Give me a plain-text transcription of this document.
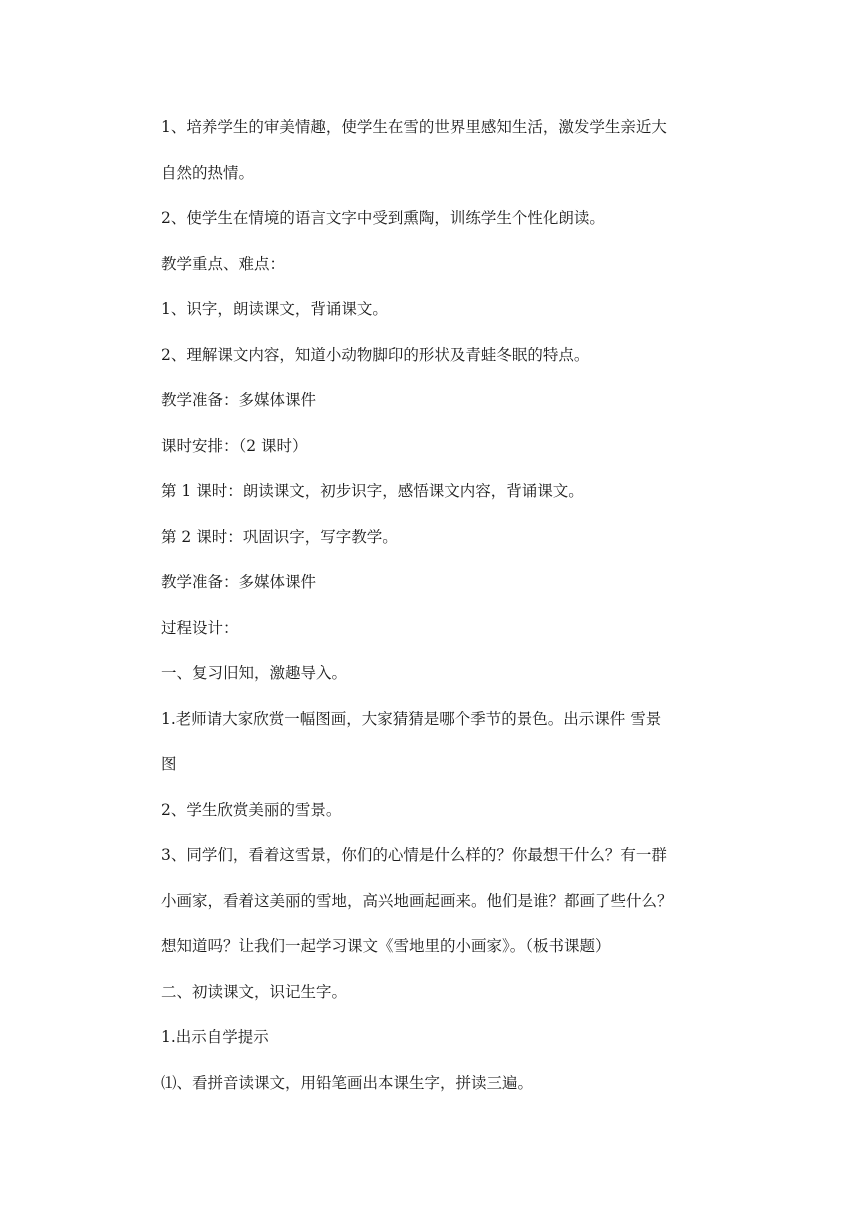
1、培养学生的审美情趣，使学生在雪的世界里感知生活，激发学生亲近大

自然的热情。

2、使学生在情境的语言文字中受到熏陶，训练学生个性化朗读。

教学重点、难点：

1、识字，朗读课文，背诵课文。

2、理解课文内容，知道小动物脚印的形状及青蛙冬眠的特点。

教学准备：多媒体课件

课时安排：（2 课时）

第 1 课时：朗读课文，初步识字，感悟课文内容，背诵课文。

第 2 课时：巩固识字，写字教学。

教学准备：多媒体课件

过程设计：

一、复习旧知，激趣导入。

1.老师请大家欣赏一幅图画，大家猜猜是哪个季节的景色。出示课件 雪景

图

2、学生欣赏美丽的雪景。

3、同学们，看着这雪景，你们的心情是什么样的？你最想干什么？有一群

小画家，看着这美丽的雪地，高兴地画起画来。他们是谁？都画了些什么？

想知道吗？让我们一起学习课文《雪地里的小画家》。（板书课题）

二、初读课文，识记生字。

1.出示自学提示

⑴、看拼音读课文，用铅笔画出本课生字，拼读三遍。
